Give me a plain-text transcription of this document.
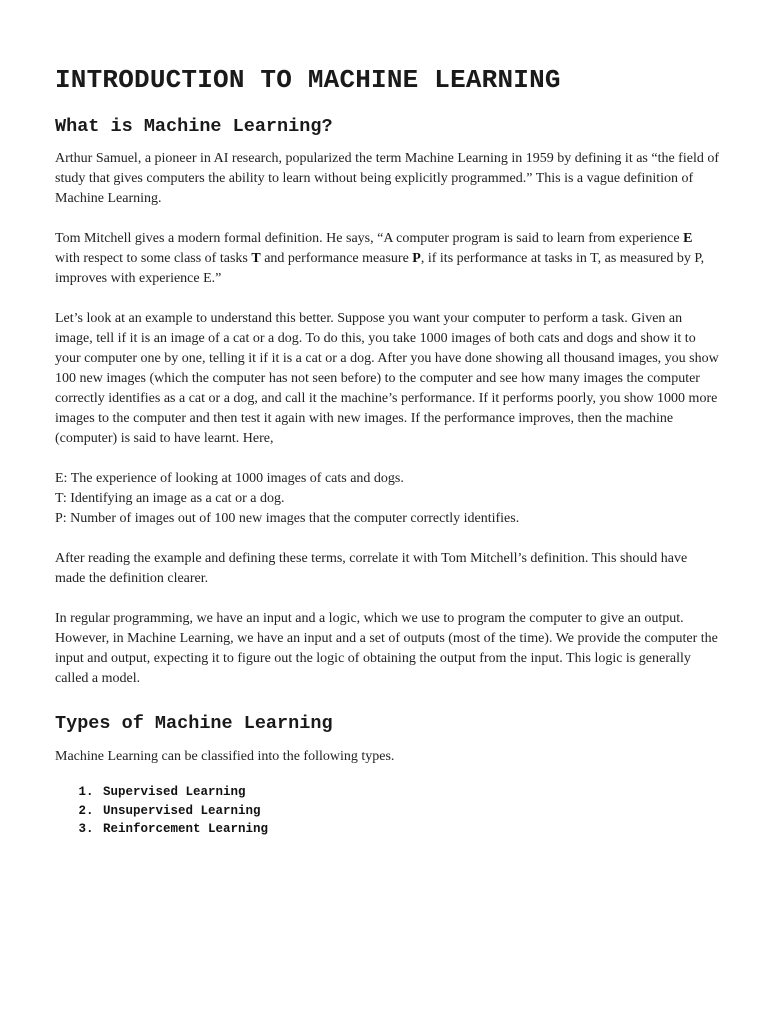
INTRODUCTION TO MACHINE LEARNING
What is Machine Learning?

Arthur Samuel, a pioneer in AI research, popularized the term Machine Learning in 1959 by defining it as “the field of study that gives computers the ability to learn without being explicitly programmed.” This is a vague definition of Machine Learning.

Tom Mitchell gives a modern formal definition. He says, “A computer program is said to learn from experience E with respect to some class of tasks T and performance measure P, if its performance at tasks in T, as measured by P, improves with experience E.”

Let’s look at an example to understand this better. Suppose you want your computer to perform a task. Given an image, tell if it is an image of a cat or a dog. To do this, you take 1000 images of both cats and dogs and show it to your computer one by one, telling it if it is a cat or a dog. After you have done showing all thousand images, you show 100 new images (which the computer has not seen before) to the computer and see how many images the computer correctly identifies as a cat or a dog, and call it the machine’s performance. If it performs poorly, you show 1000 more images to the computer and then test it again with new images. If the performance improves, then the machine (computer) is said to have learnt. Here,

E: The experience of looking at 1000 images of cats and dogs.

T: Identifying an image as a cat or a dog.

P: Number of images out of 100 new images that the computer correctly identifies.

After reading the example and defining these terms, correlate it with Tom Mitchell’s definition. This should have made the definition clearer.

In regular programming, we have an input and a logic, which we use to program the computer to give an output. However, in Machine Learning, we have an input and a set of outputs (most of the time). We provide the computer the input and output, expecting it to figure out the logic of obtaining the output from the input. This logic is generally called a model.

Types of Machine Learning

Machine Learning can be classified into the following types.

1. Supervised Learning
2. Unsupervised Learning
3. Reinforcement Learning
